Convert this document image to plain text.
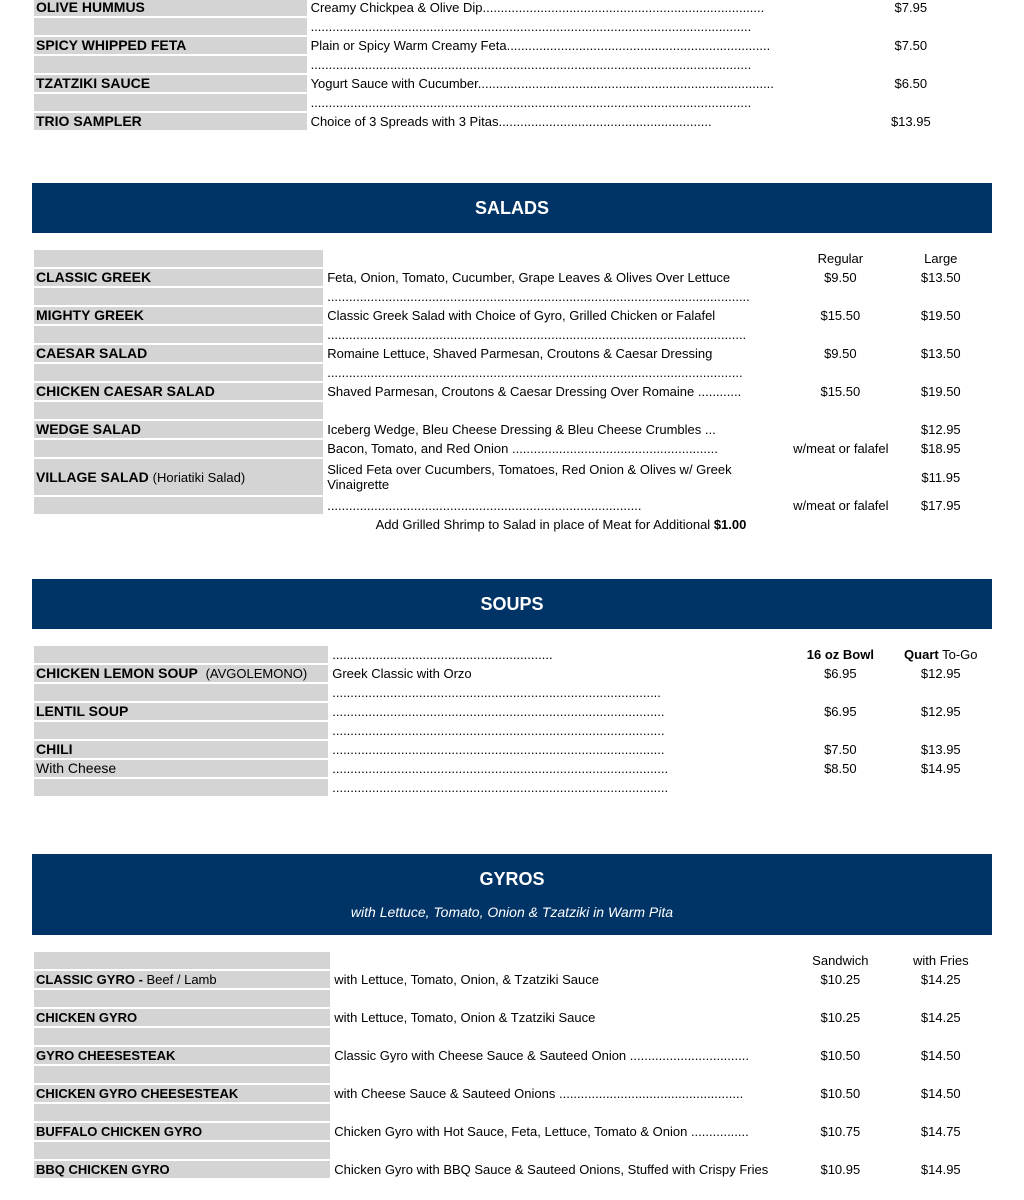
OLIVE HUMMUS	Creamy Chickpea & Olive Dip..............................................................................	$7.95
	..........................................................................................................................	
SPICY WHIPPED FETA	Plain or Spicy Warm Creamy Feta.........................................................................	$7.50
	..........................................................................................................................	
TZATZIKI SAUCE	Yogurt Sauce with Cucumber..................................................................................	$6.50
	..........................................................................................................................	
TRIO SAMPLER	Choice of 3 Spreads with 3 Pitas...........................................................	$13.95
SALADS
		Regular	Large
CLASSIC GREEK	Feta, Onion, Tomato, Cucumber, Grape Leaves & Olives Over Lettuce	$9.50	$13.50
	.....................................................................................................................		
MIGHTY GREEK	Classic Greek Salad with Choice of Gyro, Grilled Chicken or Falafel	$15.50	$19.50
	....................................................................................................................		
CAESAR SALAD	Romaine Lettuce, Shaved Parmesan, Croutons & Caesar Dressing	$9.50	$13.50
	...................................................................................................................		
CHICKEN CAESAR SALAD	Shaved Parmesan, Croutons & Caesar Dressing Over Romaine ............	$15.50	$19.50

WEDGE SALAD	Iceberg Wedge, Bleu Cheese Dressing & Bleu Cheese Crumbles ...		$12.95
	Bacon, Tomato, and Red Onion .........................................................	w/meat or falafel	$18.95
VILLAGE SALAD (Horiatiki Salad)	Sliced Feta over Cucumbers, Tomatoes, Red Onion & Olives w/ Greek Vinaigrette		$11.95
	.......................................................................................	w/meat or falafel	$17.95
Add Grilled Shrimp to Salad in place of Meat for Additional $1.00			
SOUPS
	.............................................................	16 oz Bowl	Quart To-Go
CHICKEN LEMON SOUP (AVGOLEMONO)	Greek Classic with Orzo	$6.95	$12.95
	...........................................................................................		
LENTIL SOUP	............................................................................................	$6.95	$12.95
	............................................................................................		
CHILI	............................................................................................	$7.50	$13.95
With Cheese	.............................................................................................	$8.50	$14.95
	.............................................................................................		
GYROS
with Lettuce, Tomato, Onion & Tzatziki in Warm Pita
		Sandwich	with Fries
CLASSIC GYRO - Beef / Lamb	with Lettuce, Tomato, Onion, & Tzatziki Sauce	$10.25	$14.25

CHICKEN GYRO	with Lettuce, Tomato, Onion & Tzatziki Sauce	$10.25	$14.25

GYRO CHEESESTEAK	Classic Gyro with Cheese Sauce & Sauteed Onion .................................	$10.50	$14.50

CHICKEN GYRO CHEESESTEAK	with Cheese Sauce & Sauteed Onions ...................................................	$10.50	$14.50

BUFFALO CHICKEN GYRO	Chicken Gyro with Hot Sauce, Feta, Lettuce, Tomato & Onion ................	$10.75	$14.75

BBQ CHICKEN GYRO	Chicken Gyro with BBQ Sauce & Sauteed Onions, Stuffed with Crispy Fries	$10.95	$14.95
